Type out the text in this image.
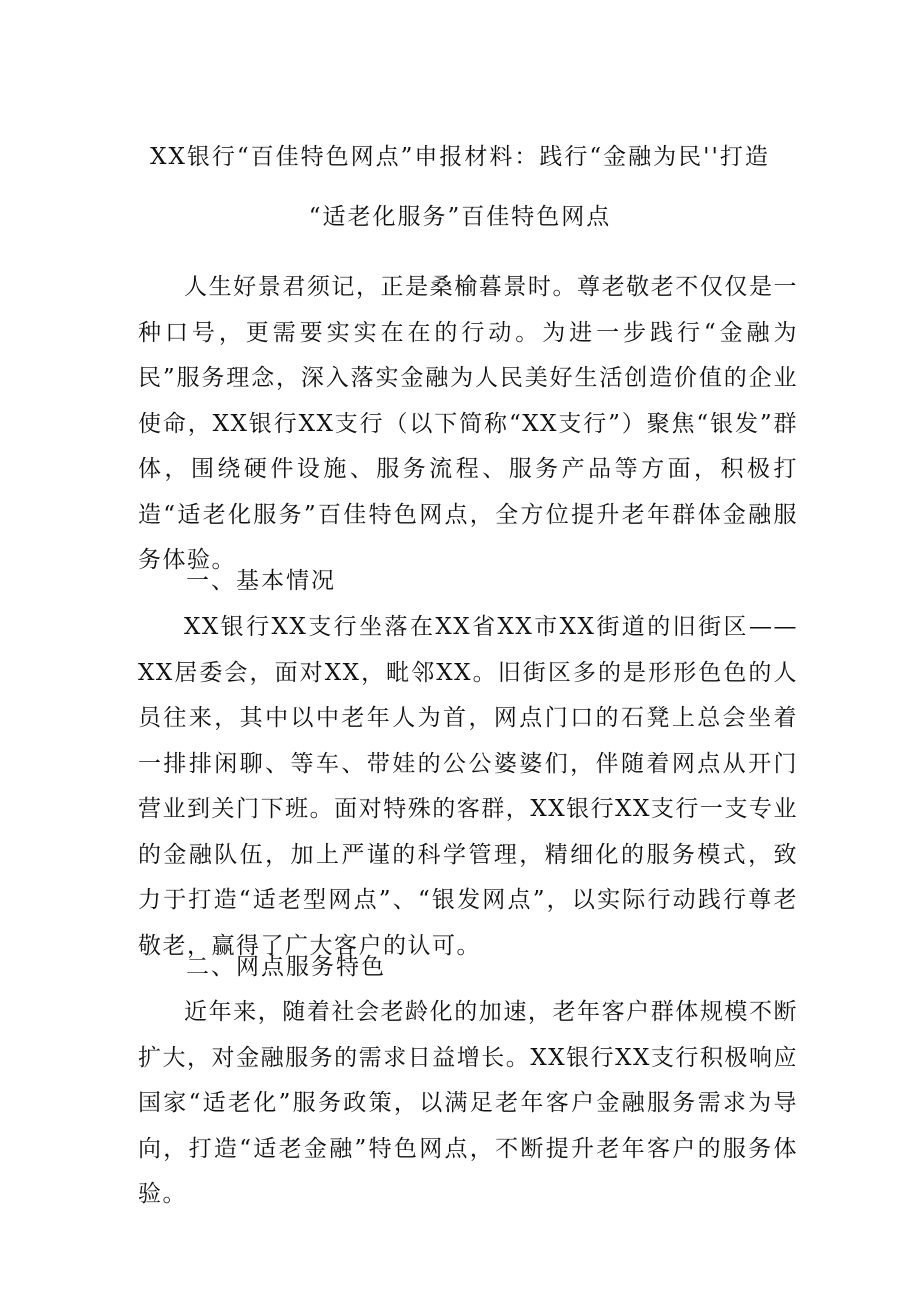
XX银行“百佳特色网点”申报材料：践行“金融为民''打造
“适老化服务”百佳特色网点

人生好景君须记，正是桑榆暮景时。尊老敬老不仅仅是一种口号，更需要实实在在的行动。为进一步践行“金融为民”服务理念，深入落实金融为人民美好生活创造价值的企业使命，XX银行XX支行（以下简称“XX支行”）聚焦“银发”群体，围绕硬件设施、服务流程、服务产品等方面，积极打造“适老化服务”百佳特色网点，全方位提升老年群体金融服务体验。

一、基本情况

XX银行XX支行坐落在XX省XX市XX街道的旧街区——XX居委会，面对XX，毗邻XX。旧街区多的是形形色色的人员往来，其中以中老年人为首，网点门口的石凳上总会坐着一排排闲聊、等车、带娃的公公婆婆们，伴随着网点从开门营业到关门下班。面对特殊的客群，XX银行XX支行一支专业的金融队伍，加上严谨的科学管理，精细化的服务模式，致力于打造“适老型网点”、“银发网点”，以实际行动践行尊老敬老，赢得了广大客户的认可。

二、网点服务特色

近年来，随着社会老龄化的加速，老年客户群体规模不断扩大，对金融服务的需求日益增长。XX银行XX支行积极响应国家“适老化”服务政策，以满足老年客户金融服务需求为导向，打造“适老金融”特色网点，不断提升老年客户的服务体验。
